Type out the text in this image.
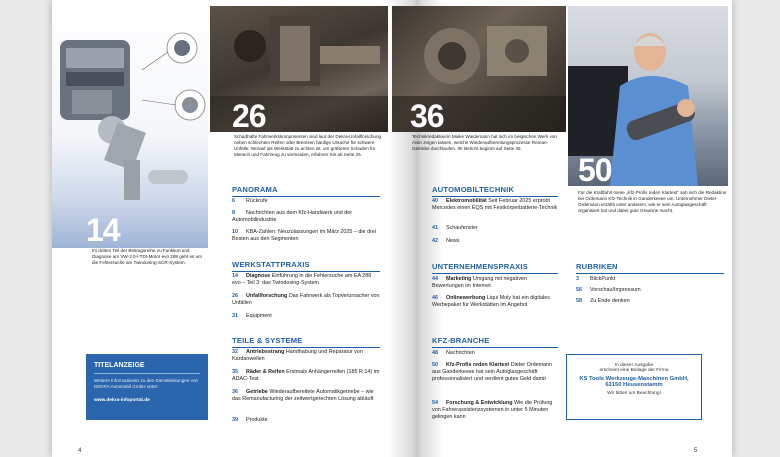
14
Im dritten Teil der Beitragsreihe zu Funktion und Diagnose am VW-2.0-l-TDI-Motor evo 288 geht es um die Fehlersuche am Twindosing-SCR-System.
26
Schadhafte Fahrwerkskomponenten sind laut der Dekra-Unfallforschung neben schlechten Reifen oder Bremsen häufige Ursache für schwere Unfälle. Worauf als Werkstatt zu achten ist, um größeren Schaden für Mensch und Fahrzeug zu vermeiden, erfahren Sie ab Seite 26.
PANORAMA
6 Rückrufe
8 Nachrichten aus dem Kfz-Handwerk und der Automobilindustrie
10 KBA-Zahlen: Neuzulassungen im März 2025 – die drei Besten aus den Segmenten
WERKSTATTPRAXIS
14 Diagnose Einführung in die Fehlersuche am EA 288 evo – Teil 3: das Twindosing-System
26 Unfallforschung Das Fahrwerk als Topverursacher von Unfällen
31 Equipment
TEILE & SYSTEME
32 Antriebsstrang Handhabung und Reparatur von Kardanwellen
35 Räder & Reifen Erstmals Anhängerreifen (185 R 14) im ADAC-Test
36 Getriebe Wiederaufbereitete Automatikgetriebe – wie das Remanufacturing der zeitwertgerechten Lösung abläuft
39 Produkte
TITELANZEIGE
Weitere Informationen zu den Dienstleistungen von DEKRA Automobil GmbH unter:
www.dekra-infoportal.de
4
36
Technikredakteurin Maike Wiedemann hat sich im belgischen Werk von Aisin zeigen lassen, welche Wiederaufbereitungsprozesse Reman-Getriebe durchlaufen. Ihr Bericht beginnt auf Seite 36.
50
Für die Kraftfahrt-Serie „Kfz-Profis reden Klartext“ sah sich die Redaktion bei Ordemann Kfz-Technik in Ganderkesee um. Unternehmer Dieter Ordemann erzählt unter anderem, wie er sein Autoglasgeschäft organisiert hat und dabei gute Gewinne macht.
AUTOMOBILTECHNIK
40 Elektromobilität Seit Februar 2025 erprobt Mercedes einen EQS mit Festkörperbatterie-Technik
41 Schaufenster
42 News
UNTERNEHMENSPRAXIS
44 Marketing Umgang mit negativen Bewertungen im Internet
46 Onlinewerbung Liqui Moly hat ein digitales Werbepaket für Werkstätten im Angebot
KFZ-BRANCHE
48 Nachrichten
50 Kfz-Profis reden Klartext Dieter Ordemann aus Ganderkesee hat sein Autoglasgeschäft professionalisiert und verdient gutes Geld damit
54 Forschung & Entwicklung Wie die Prüfung von Fahrerassistenzsystemen in unter 5 Minuten gelingen kann
RUBRIKEN
3 BlickPunkt
56 Vorschau/Impressum
58 Zu Ende denken
In dieser Ausgabe
erscheint eine Beilage der Firma
KS Tools Werkzeuge-Maschinen GmbH,
63150 Heusenstamm
Wir bitten um Beachtung!
5
